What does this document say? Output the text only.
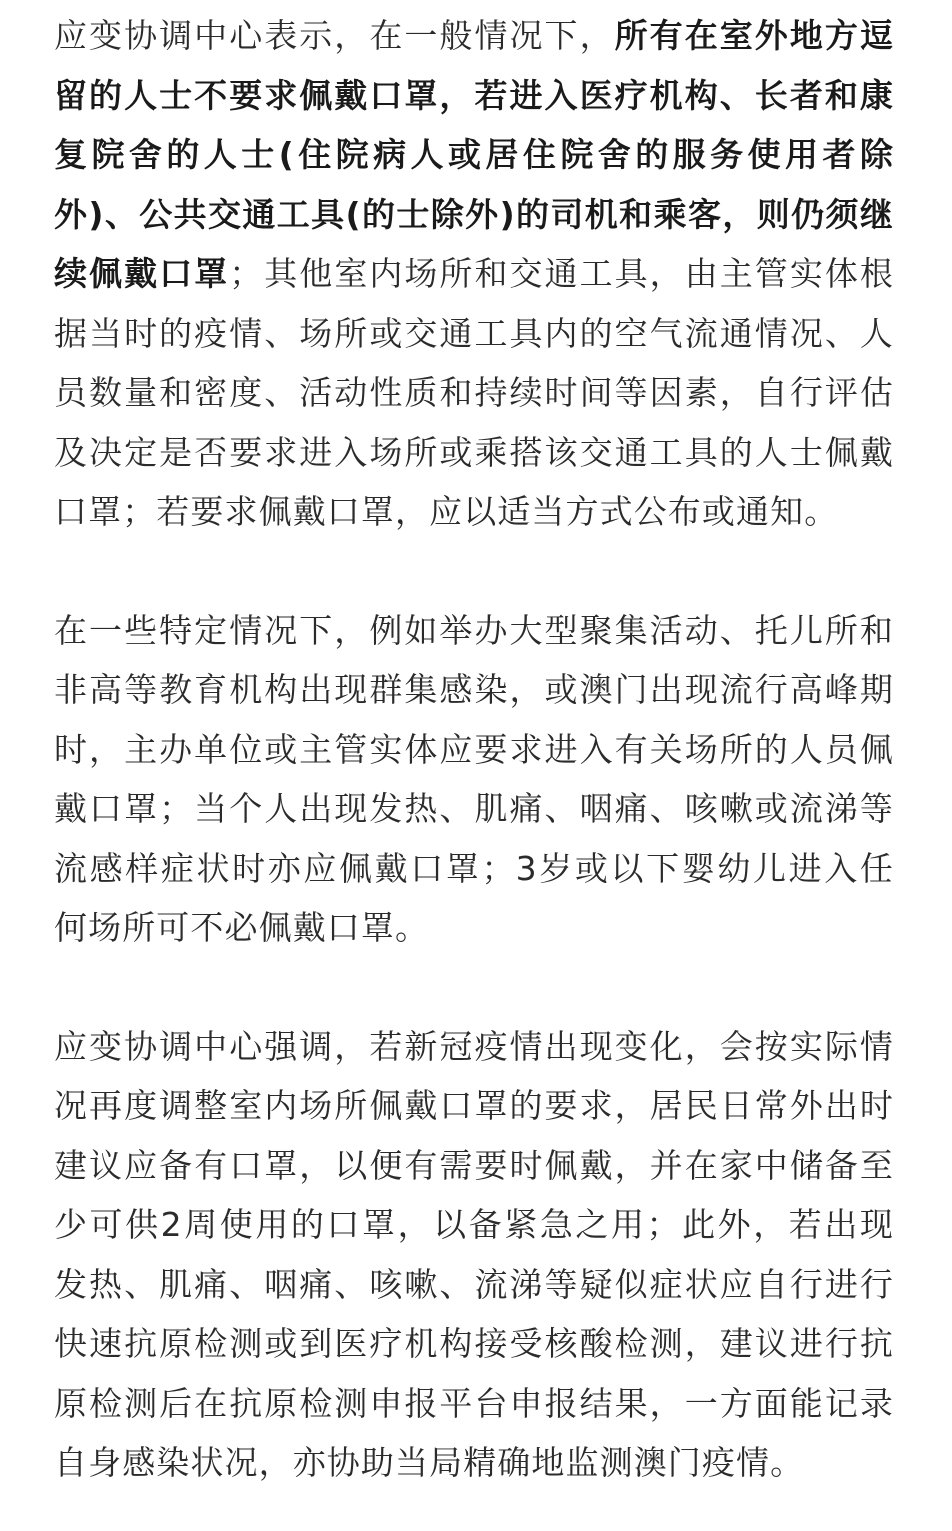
应变协调中心表示，在一般情况下，所有在室外地方逗留的人士不要求佩戴口罩，若进入医疗机构、长者和康复院舍的人士(住院病人或居住院舍的服务使用者除外)、公共交通工具(的士除外)的司机和乘客，则仍须继续佩戴口罩；其他室内场所和交通工具，由主管实体根据当时的疫情、场所或交通工具内的空气流通情况、人员数量和密度、活动性质和持续时间等因素，自行评估及决定是否要求进入场所或乘搭该交通工具的人士佩戴口罩；若要求佩戴口罩，应以适当方式公布或通知。

在一些特定情况下，例如举办大型聚集活动、托儿所和非高等教育机构出现群集感染，或澳门出现流行高峰期时，主办单位或主管实体应要求进入有关场所的人员佩戴口罩；当个人出现发热、肌痛、咽痛、咳嗽或流涕等流感样症状时亦应佩戴口罩；3岁或以下婴幼儿进入任何场所可不必佩戴口罩。

应变协调中心强调，若新冠疫情出现变化，会按实际情况再度调整室内场所佩戴口罩的要求，居民日常外出时建议应备有口罩，以便有需要时佩戴，并在家中储备至少可供2周使用的口罩，以备紧急之用；此外，若出现发热、肌痛、咽痛、咳嗽、流涕等疑似症状应自行进行快速抗原检测或到医疗机构接受核酸检测，建议进行抗原检测后在抗原检测申报平台申报结果，一方面能记录自身感染状况，亦协助当局精确地监测澳门疫情。
